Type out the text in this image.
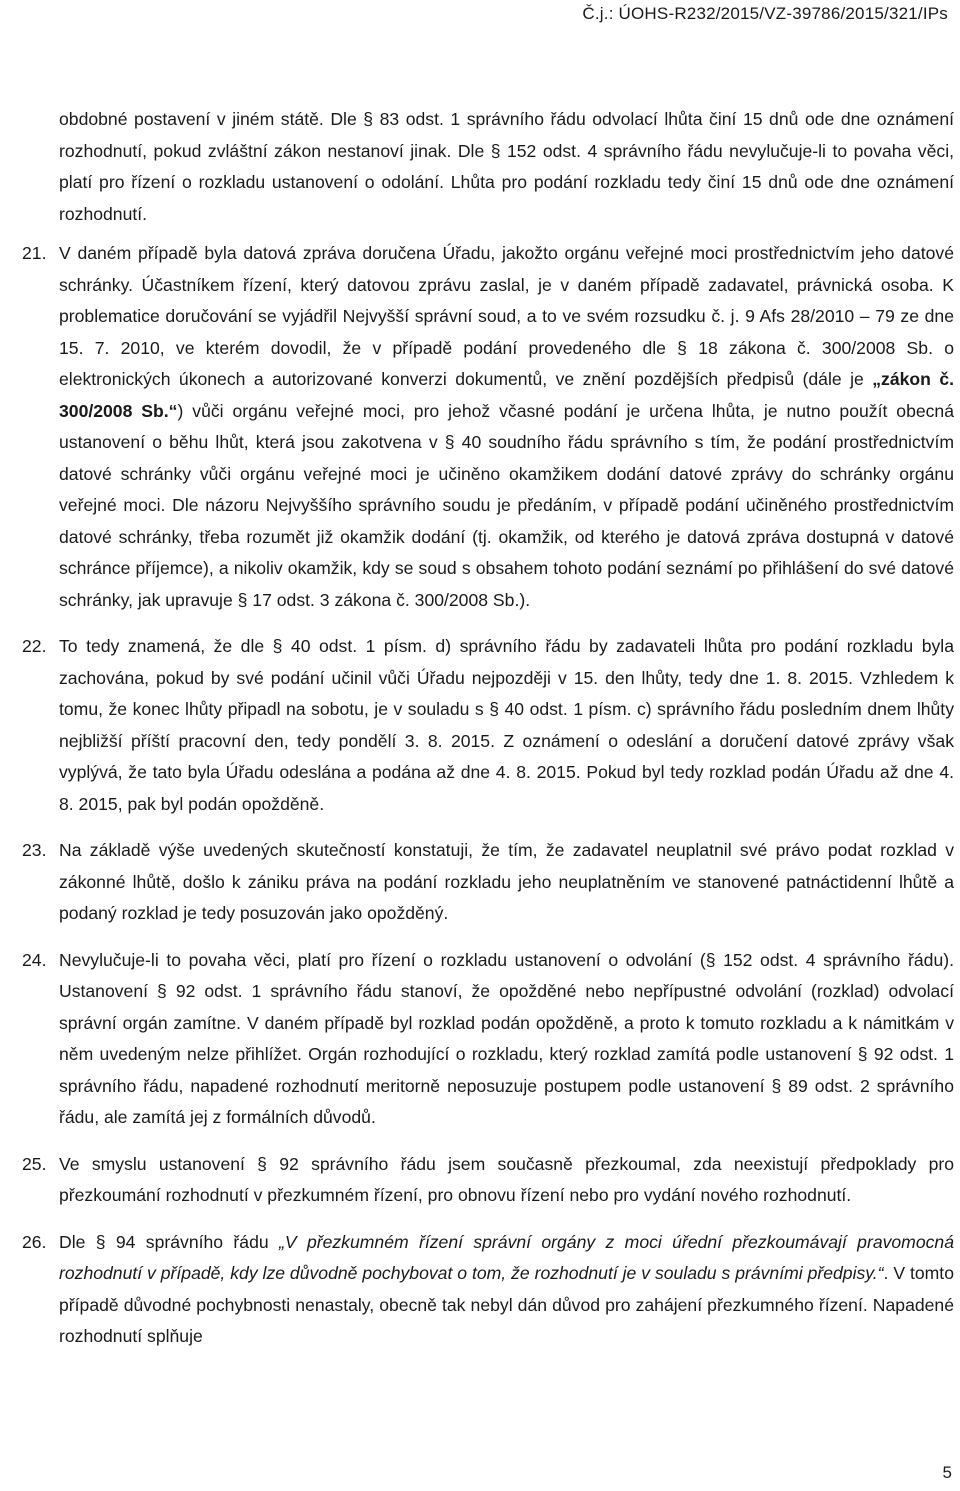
Č.j.: ÚOHS-R232/2015/VZ-39786/2015/321/IPs
obdobné postavení v jiném státě. Dle § 83 odst. 1 správního řádu odvolací lhůta činí 15 dnů ode dne oznámení rozhodnutí, pokud zvláštní zákon nestanoví jinak. Dle § 152 odst. 4 správního řádu nevylučuje-li to povaha věci, platí pro řízení o rozkladu ustanovení o odolání. Lhůta pro podání rozkladu tedy činí 15 dnů ode dne oznámení rozhodnutí.
21. V daném případě byla datová zpráva doručena Úřadu, jakožto orgánu veřejné moci prostřednictvím jeho datové schránky. Účastníkem řízení, který datovou zprávu zaslal, je v daném případě zadavatel, právnická osoba. K problematice doručování se vyjádřil Nejvyšší správní soud, a to ve svém rozsudku č. j. 9 Afs 28/2010 – 79 ze dne 15. 7. 2010, ve kterém dovodil, že v případě podání provedeného dle § 18 zákona č. 300/2008 Sb. o elektronických úkonech a autorizované konverzi dokumentů, ve znění pozdějších předpisů (dále je „zákon č. 300/2008 Sb.“) vůči orgánu veřejné moci, pro jehož včasné podání je určena lhůta, je nutno použít obecná ustanovení o běhu lhůt, která jsou zakotvena v § 40 soudního řádu správního s tím, že podání prostřednictvím datové schránky vůči orgánu veřejné moci je učiněno okamžikem dodání datové zprávy do schránky orgánu veřejné moci. Dle názoru Nejvyššího správního soudu je předáním, v případě podání učiněného prostřednictvím datové schránky, třeba rozumět již okamžik dodání (tj. okamžik, od kterého je datová zpráva dostupná v datové schránce příjemce), a nikoliv okamžik, kdy se soud s obsahem tohoto podání seznámí po přihlášení do své datové schránky, jak upravuje § 17 odst. 3 zákona č. 300/2008 Sb.).
22. To tedy znamená, že dle § 40 odst. 1 písm. d) správního řádu by zadavateli lhůta pro podání rozkladu byla zachována, pokud by své podání učinil vůči Úřadu nejpozději v 15. den lhůty, tedy dne 1. 8. 2015. Vzhledem k tomu, že konec lhůty připadl na sobotu, je v souladu s § 40 odst. 1 písm. c) správního řádu posledním dnem lhůty nejbližší příští pracovní den, tedy pondělí 3. 8. 2015. Z oznámení o odeslání a doručení datové zprávy však vyplývá, že tato byla Úřadu odeslána a podána až dne 4. 8. 2015. Pokud byl tedy rozklad podán Úřadu až dne 4. 8. 2015, pak byl podán opožděně.
23. Na základě výše uvedených skutečností konstatuji, že tím, že zadavatel neuplatnil své právo podat rozklad v zákonné lhůtě, došlo k zániku práva na podání rozkladu jeho neuplatněním ve stanovené patnáctidenní lhůtě a podaný rozklad je tedy posuzován jako opožděný.
24. Nevylučuje-li to povaha věci, platí pro řízení o rozkladu ustanovení o odvolání (§ 152 odst. 4 správního řádu). Ustanovení § 92 odst. 1 správního řádu stanoví, že opožděné nebo nepřípustné odvolání (rozklad) odvolací správní orgán zamítne. V daném případě byl rozklad podán opožděně, a proto k tomuto rozkladu a k námitkám v něm uvedeným nelze přihlížet. Orgán rozhodující o rozkladu, který rozklad zamítá podle ustanovení § 92 odst. 1 správního řádu, napadené rozhodnutí meritorně neposuzuje postupem podle ustanovení § 89 odst. 2 správního řádu, ale zamítá jej z formálních důvodů.
25. Ve smyslu ustanovení § 92 správního řádu jsem současně přezkoumal, zda neexistují předpoklady pro přezkoumání rozhodnutí v přezkumném řízení, pro obnovu řízení nebo pro vydání nového rozhodnutí.
26. Dle § 94 správního řádu „V přezkumném řízení správní orgány z moci úřední přezkoumávají pravomocná rozhodnutí v případě, kdy lze důvodně pochybovat o tom, že rozhodnutí je v souladu s právními předpisy.“. V tomto případě důvodné pochybnosti nenastaly, obecně tak nebyl dán důvod pro zahájení přezkumného řízení. Napadené rozhodnutí splňuje
5
